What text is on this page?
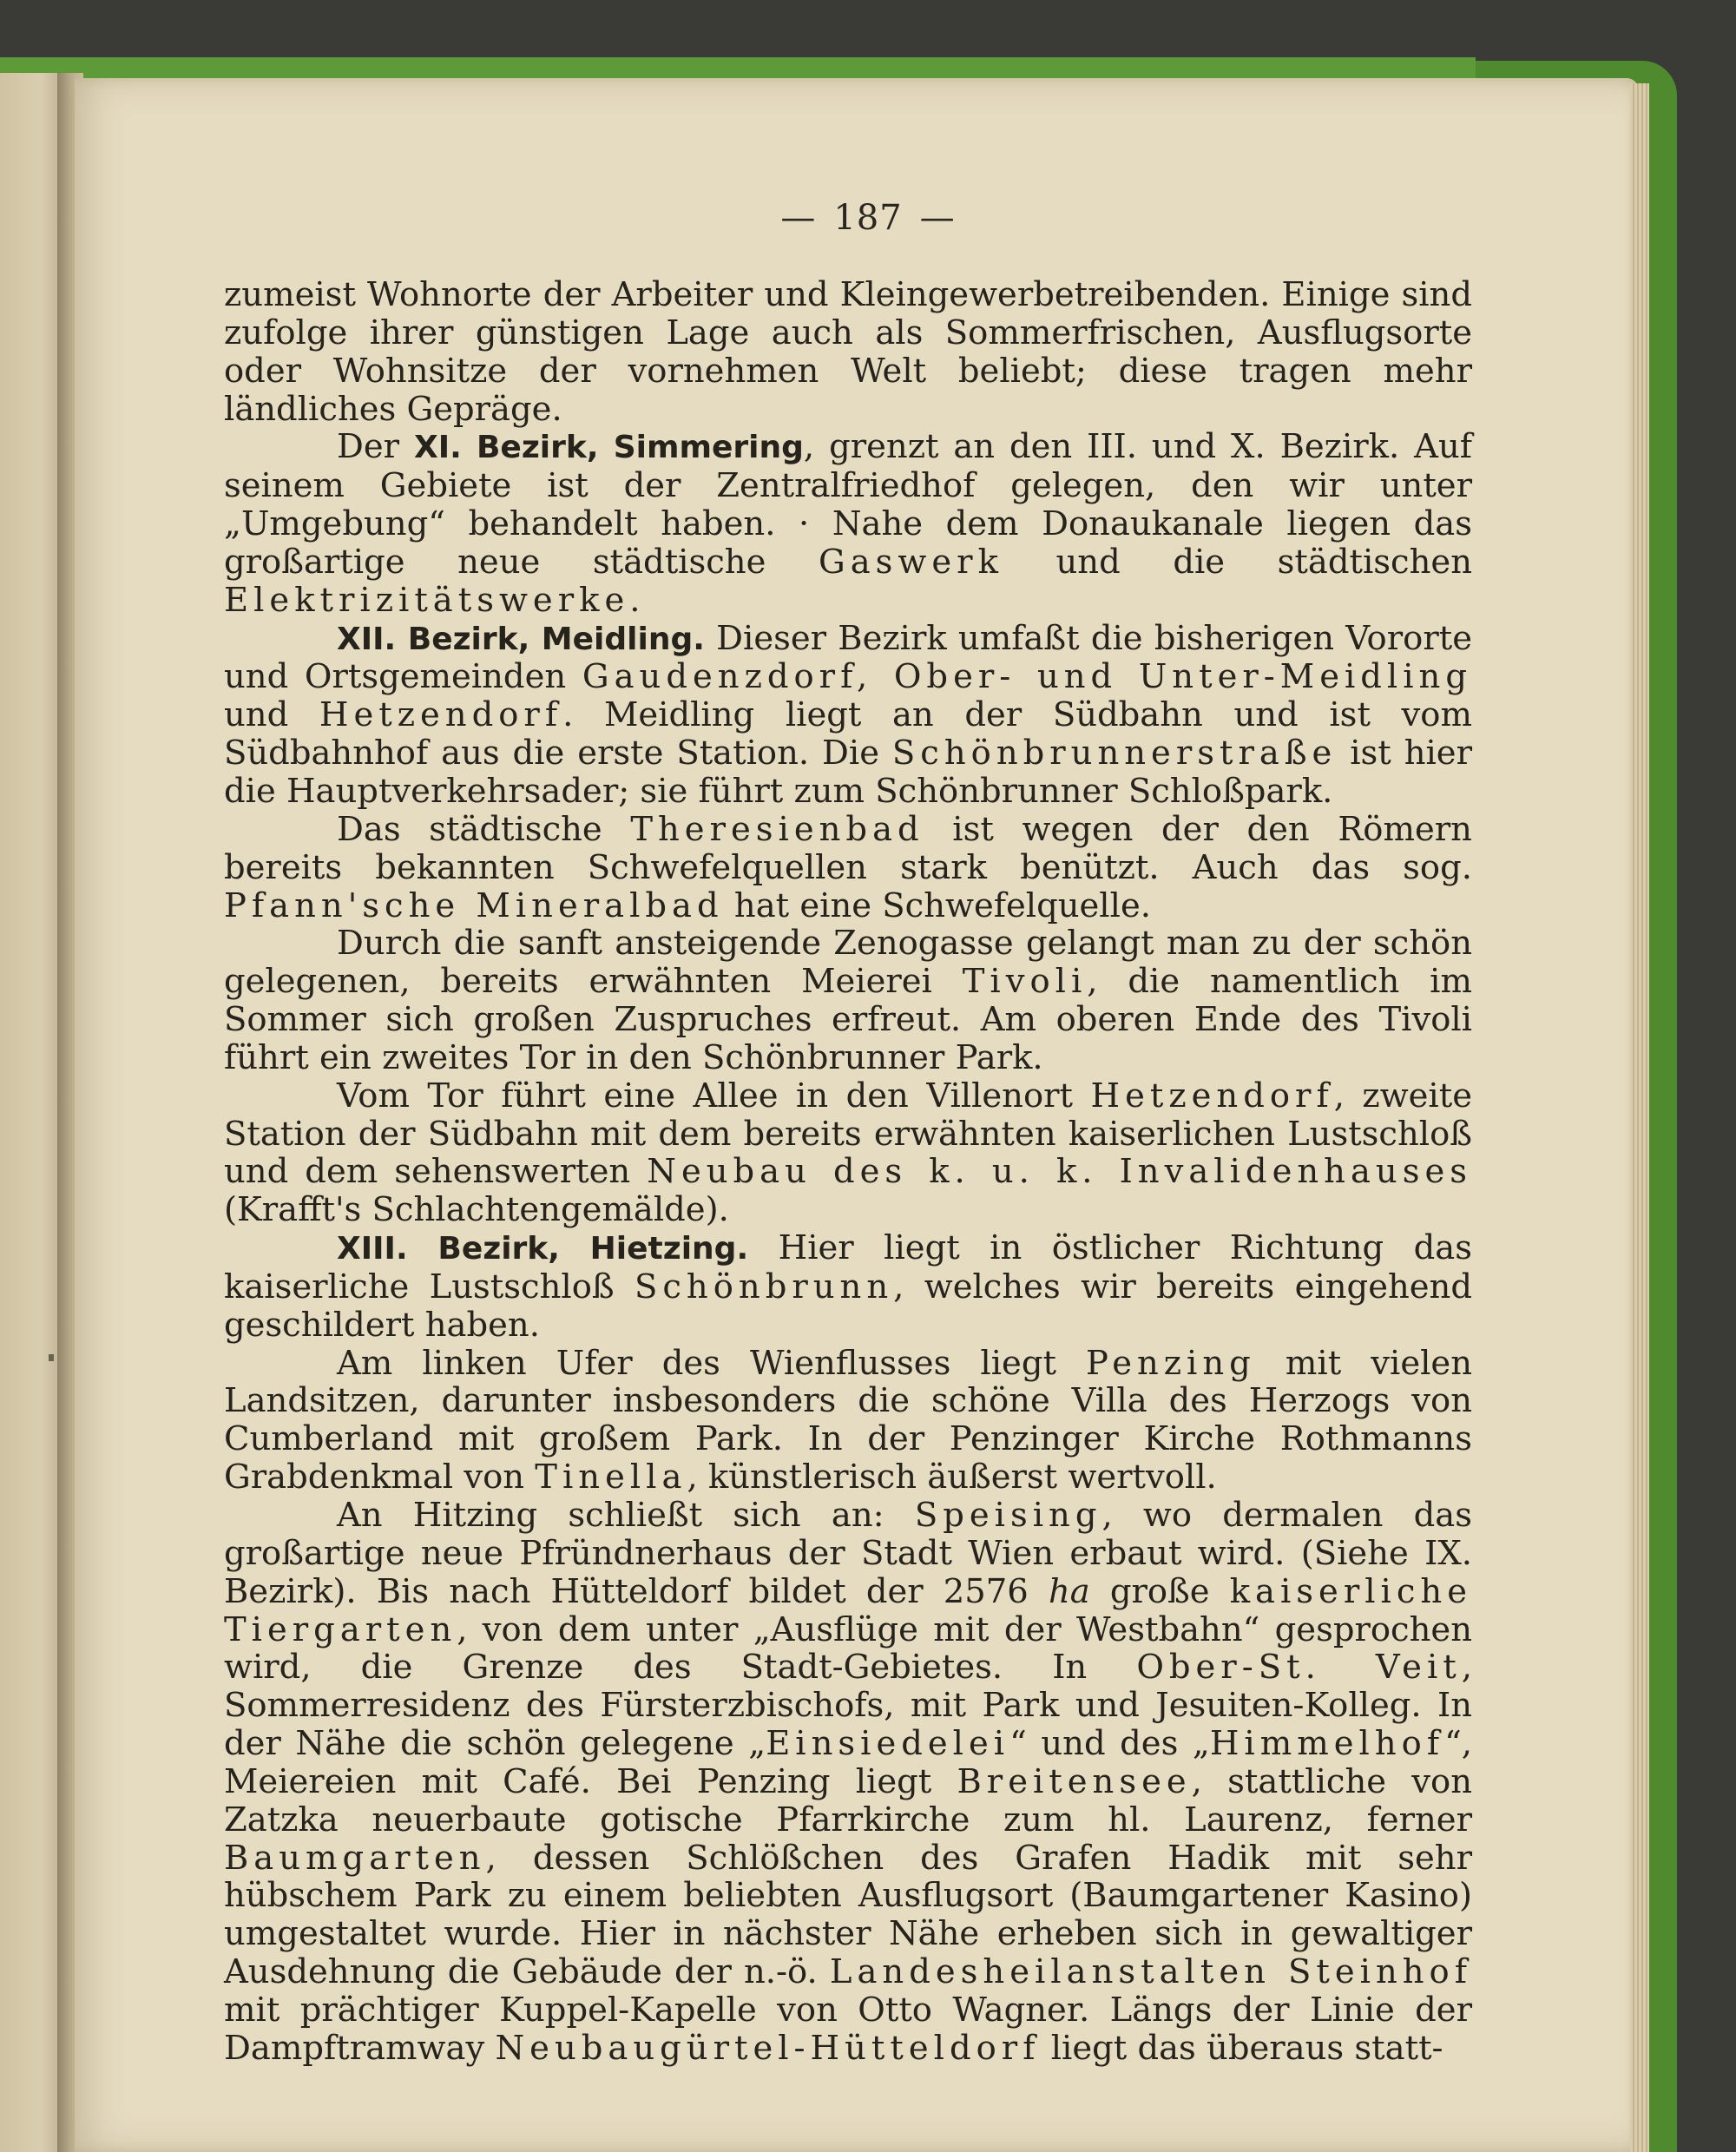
— 187 —

zumeist Wohnorte der Arbeiter und Kleingewerbetreibenden. Einige sind zufolge ihrer günstigen Lage auch als Sommerfrischen, Ausflugsorte oder Wohnsitze der vornehmen Welt beliebt; diese tragen mehr ländliches Gepräge.

Der XI. Bezirk, Simmering, grenzt an den III. und X. Bezirk. Auf seinem Gebiete ist der Zentralfriedhof gelegen, den wir unter „Umgebung“ behandelt haben. · Nahe dem Donaukanale liegen das großartige neue städtische Gaswerk und die städtischen Elektrizitätswerke.

XII. Bezirk, Meidling. Dieser Bezirk umfaßt die bisherigen Vororte und Ortsgemeinden Gaudenzdorf, Ober- und Unter-Meidling und Hetzendorf. Meidling liegt an der Südbahn und ist vom Südbahnhof aus die erste Station. Die Schönbrunnerstraße ist hier die Hauptverkehrsader; sie führt zum Schönbrunner Schloßpark.

Das städtische Theresienbad ist wegen der den Römern bereits bekannten Schwefelquellen stark benützt. Auch das sog. Pfann'sche Mineralbad hat eine Schwefelquelle.

Durch die sanft ansteigende Zenogasse gelangt man zu der schön gelegenen, bereits erwähnten Meierei Tivoli, die namentlich im Sommer sich großen Zuspruches erfreut. Am oberen Ende des Tivoli führt ein zweites Tor in den Schönbrunner Park.

Vom Tor führt eine Allee in den Villenort Hetzendorf, zweite Station der Südbahn mit dem bereits erwähnten kaiserlichen Lustschloß und dem sehenswerten Neubau des k. u. k. Invalidenhauses (Krafft's Schlachtengemälde).

XIII. Bezirk, Hietzing. Hier liegt in östlicher Richtung das kaiserliche Lustschloß Schönbrunn, welches wir bereits eingehend geschildert haben.

Am linken Ufer des Wienflusses liegt Penzing mit vielen Landsitzen, darunter insbesonders die schöne Villa des Herzogs von Cumberland mit großem Park. In der Penzinger Kirche Rothmanns Grabdenkmal von Tinella, künstlerisch äußerst wertvoll.

An Hitzing schließt sich an: Speising, wo dermalen das großartige neue Pfründnerhaus der Stadt Wien erbaut wird. (Siehe IX. Bezirk). Bis nach Hütteldorf bildet der 2576 ha große kaiserliche Tiergarten, von dem unter „Ausflüge mit der Westbahn“ gesprochen wird, die Grenze des Stadt-Gebietes. In Ober-St. Veit, Sommerresidenz des Fürsterzbischofs, mit Park und Jesuiten-Kolleg. In der Nähe die schön gelegene „Einsiedelei“ und des „Himmelhof“, Meiereien mit Café. Bei Penzing liegt Breitensee, stattliche von Zatzka neuerbaute gotische Pfarrkirche zum hl. Laurenz, ferner Baumgarten, dessen Schlößchen des Grafen Hadik mit sehr hübschem Park zu einem beliebten Ausflugsort (Baumgartener Kasino) umgestaltet wurde. Hier in nächster Nähe erheben sich in gewaltiger Ausdehnung die Gebäude der n.-ö. Landesheilanstalten Steinhof mit prächtiger Kuppel-Kapelle von Otto Wagner. Längs der Linie der Dampftramway Neubaugürtel-Hütteldorf liegt das überaus statt-
